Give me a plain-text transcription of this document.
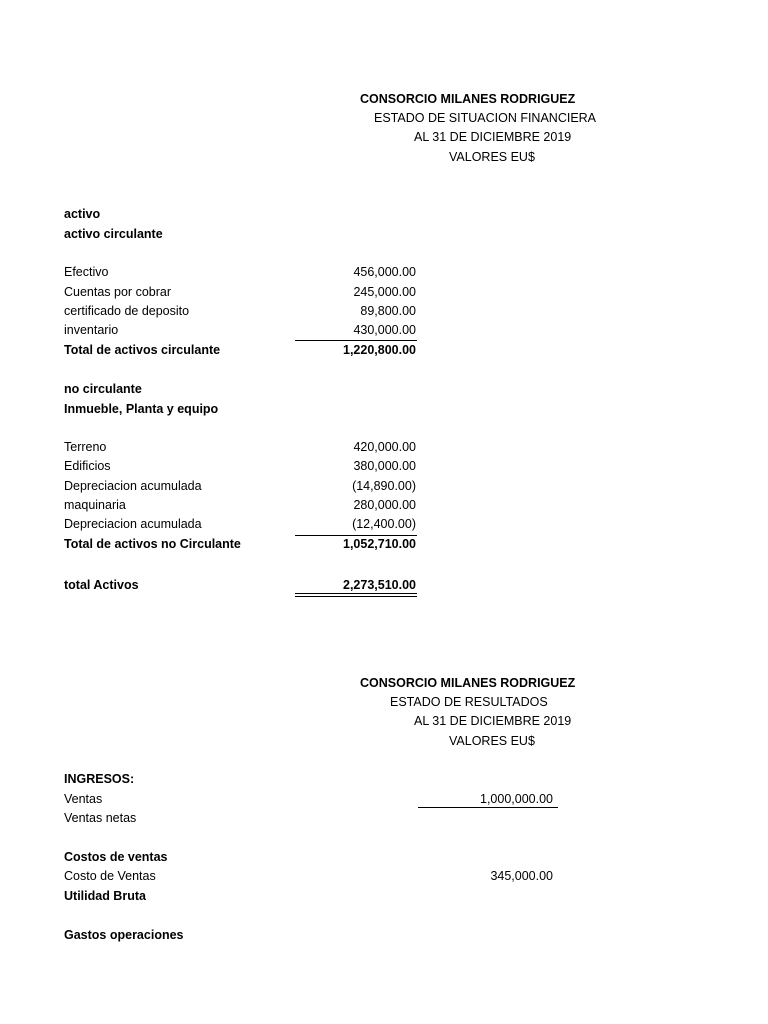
CONSORCIO MILANES RODRIGUEZ
ESTADO DE SITUACION FINANCIERA
AL 31 DE DICIEMBRE 2019
VALORES EU$
activo
activo circulante
Efectivo	456,000.00
Cuentas por cobrar	245,000.00
certificado de deposito	89,800.00
inventario	430,000.00
Total de activos circulante	1,220,800.00
no circulante
Inmueble, Planta y equipo
Terreno	420,000.00
Edificios	380,000.00
Depreciacion acumulada	(14,890.00)
maquinaria	280,000.00
Depreciacion acumulada	(12,400.00)
Total de activos no Circulante	1,052,710.00
total Activos	2,273,510.00
CONSORCIO MILANES RODRIGUEZ
ESTADO DE RESULTADOS
AL 31 DE DICIEMBRE 2019
VALORES EU$
INGRESOS:
Ventas	1,000,000.00
Ventas netas
Costos de ventas
Costo de Ventas	345,000.00
Utilidad Bruta
Gastos operaciones
